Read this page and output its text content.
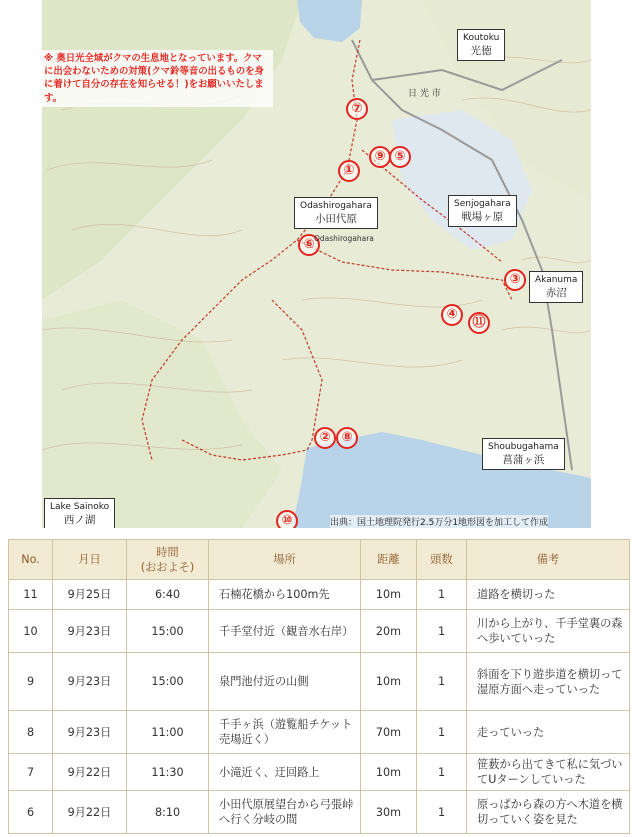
⑦
⑨ ⑤
①
⑥
③
④
⑪
② ⑧
⑩
Koutoku
光徳
Odashirogahara
小田代原
Senjogahara
戦場ヶ原
Akanuma
赤沼
Shoubugahama
菖蒲ヶ浜
Lake Sainoko
西ノ湖
日 光 市
Odashirogahara
出典：国土地理院発行2.5万分1地形図を加工して作成
※ 奥日光全域がクマの生息地となっています。クマに出会わないための対策(クマ鈴等音の出るものを身に着けて自分の存在を知らせる！)をお願いいたします。
No.	月日	時間
(おおよそ)	場所	距離	頭数	備考
11	9月25日	6:40	石楠花橋から100m先	10m	1	道路を横切った
10	9月23日	15:00	千手堂付近（観音水右岸）	20m	1	川から上がり、千手堂裏の森へ歩いていった
9	9月23日	15:00	泉門池付近の山側	10m	1	斜面を下り遊歩道を横切って湿原方面へ走っていった
8	9月23日	11:00	千手ヶ浜（遊覧船チケット売場近く）	70m	1	走っていった
7	9月22日	11:30	小滝近く、迂回路上	10m	1	笹薮から出てきて私に気づいてUターンしていった
6	9月22日	8:10	小田代原展望台から弓張峠へ行く分岐の間	30m	1	原っぱから森の方へ木道を横切っていく姿を見た
